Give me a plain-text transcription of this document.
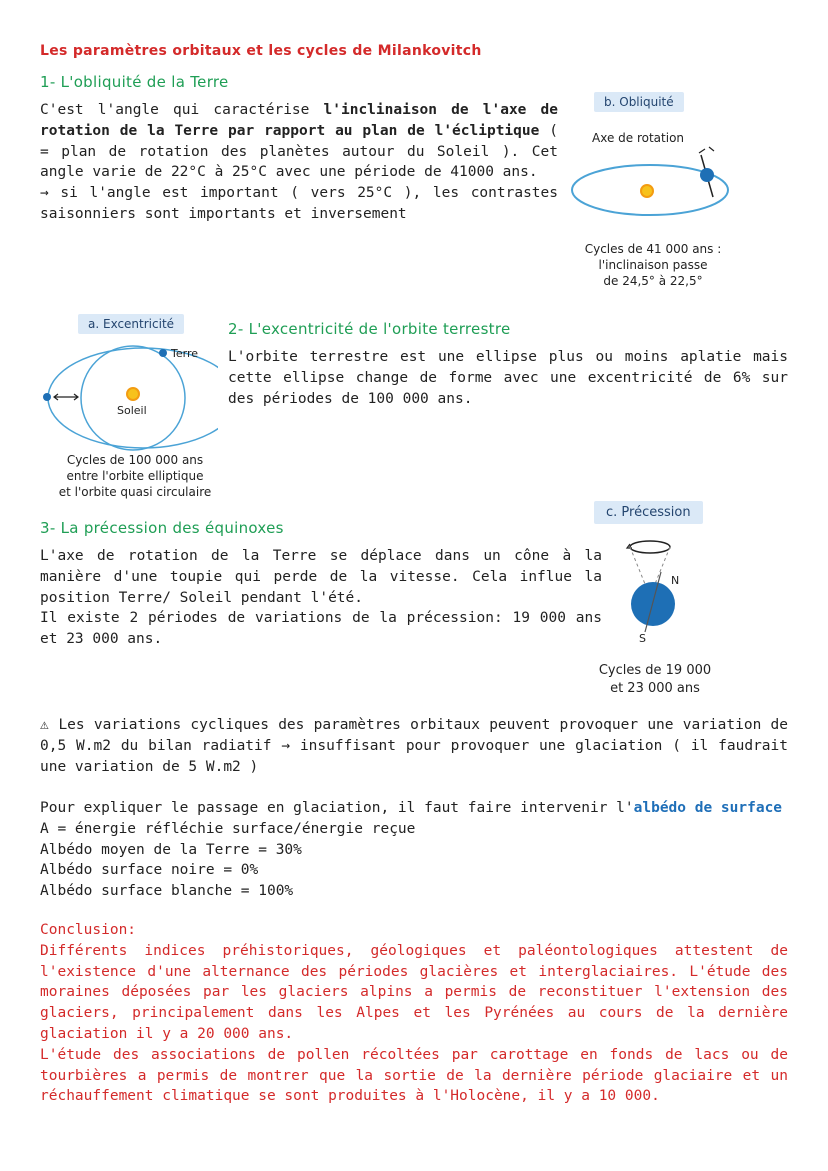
Les paramètres orbitaux et les cycles de Milankovitch
1- L'obliquité de la Terre

C'est l'angle qui caractérise l'inclinaison de l'axe de rotation de la Terre par rapport au plan de l'écliptique ( = plan de rotation des planètes autour du Soleil ). Cet angle varie de 22°C à 25°C avec une période de 41000 ans.

→ si l'angle est important ( vers 25°C ), les contrastes saisonniers sont importants et inversement

b. Obliquité
Axe de rotation
Cycles de 41 000 ans :
l'inclinaison passe
de 24,5° à 22,5°
a. Excentricité
Terre
Soleil
Cycles de 100 000 ans
entre l'orbite elliptique
et l'orbite quasi circulaire
2- L'excentricité de l'orbite terrestre

L'orbite terrestre est une ellipse plus ou moins aplatie mais cette ellipse change de forme avec une excentricité de 6% sur des périodes de 100 000 ans.

c. Précession
N
S
Cycles de 19 000
et 23 000 ans
3- La précession des équinoxes

L'axe de rotation de la Terre se déplace dans un cône à la manière d'une toupie qui perde de la vitesse. Cela influe la position Terre/ Soleil pendant l'été.

Il existe 2 périodes de variations de la précession: 19 000 ans et 23 000 ans.

⚠ Les variations cycliques des paramètres orbitaux peuvent provoquer une variation de 0,5 W.m2 du bilan radiatif → insuffisant pour provoquer une glaciation ( il faudrait une variation de 5 W.m2 )

Pour expliquer le passage en glaciation, il faut faire intervenir l'albédo de surface

A = énergie réfléchie surface/énergie reçue

Albédo moyen de la Terre = 30%

Albédo surface noire = 0%

Albédo surface blanche = 100%

Conclusion:

Différents indices préhistoriques, géologiques et paléontologiques attestent de l'existence d'une alternance des périodes glacières et interglaciaires. L'étude des moraines déposées par les glaciers alpins a permis de reconstituer l'extension des glaciers, principalement dans les Alpes et les Pyrénées au cours de la dernière glaciation il y a 20 000 ans.

L'étude des associations de pollen récoltées par carottage en fonds de lacs ou de tourbières a permis de montrer que la sortie de la dernière période glaciaire et un réchauffement climatique se sont produites à l'Holocène, il y a 10 000.
